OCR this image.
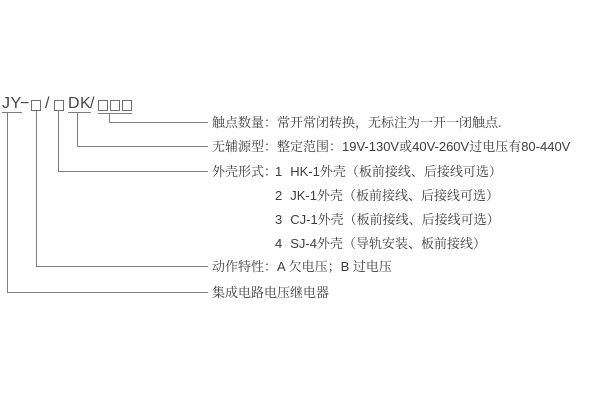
JY
− / DK
/
触点数量：常开常闭转换，无标注为一开一闭触点.
无辅源型：整定范围：19V-130V或40V-260V过电压有80-440V
外壳形式：
1 HK-1外壳（板前接线、后接线可选）
2 JK-1外壳（板前接线、后接线可选）
3 CJ-1外壳（板前接线、后接线可选）
4 SJ-4外壳（导轨安装、板前接线）
动作特性：A 欠电压；B 过电压
集成电路电压继电器
